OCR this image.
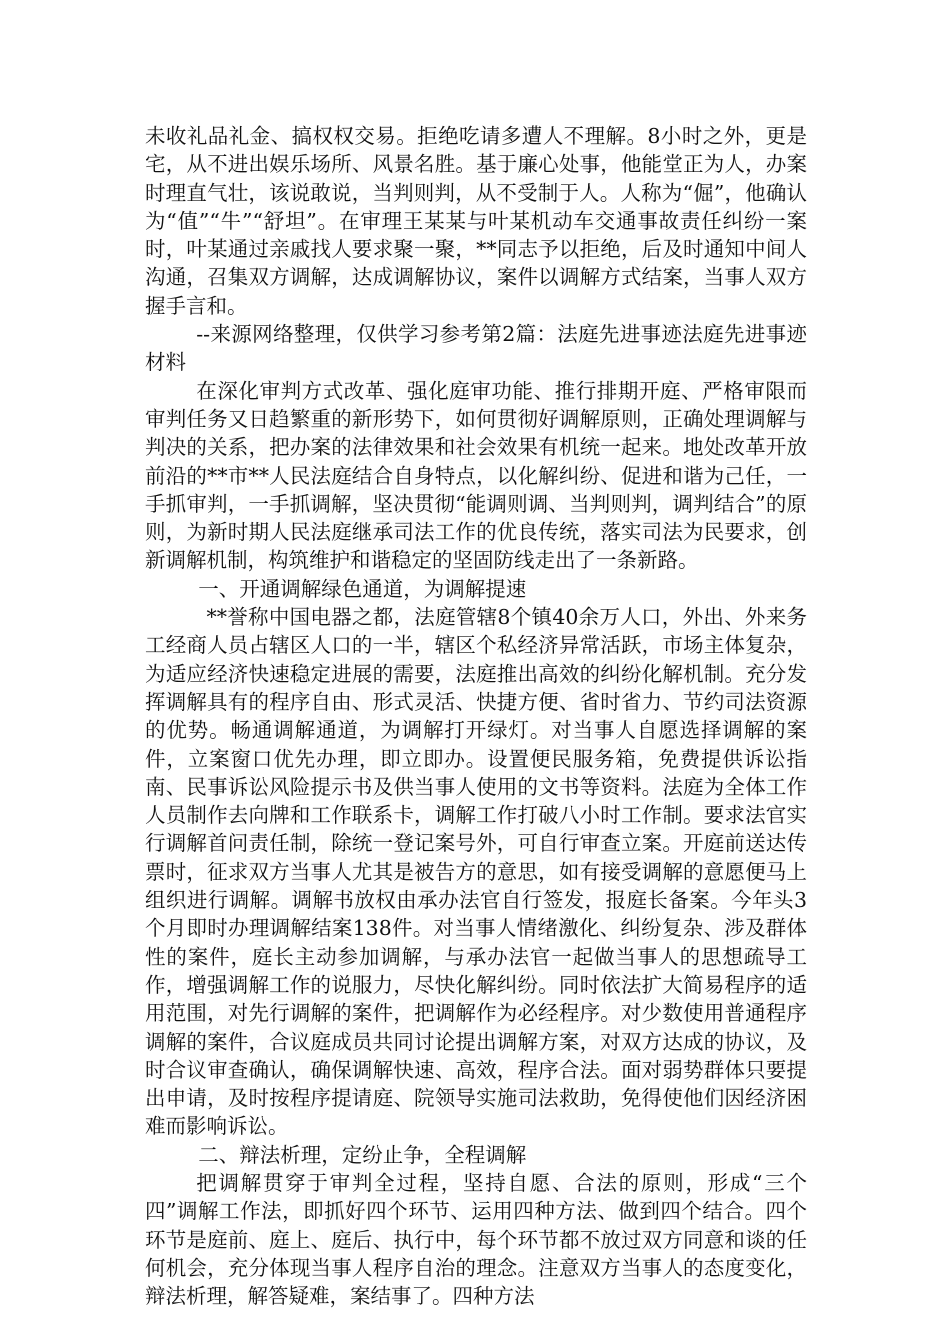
未收礼品礼金、搞权权交易。拒绝吃请多遭人不理解。8小时之外，更是宅，从不进出娱乐场所、风景名胜。基于廉心处事，他能堂正为人，办案时理直气壮，该说敢说，当判则判，从不受制于人。人称为“倔”，他确认为“值”“牛”“舒坦”。在审理王某某与叶某机动车交通事故责任纠纷一案时，叶某通过亲戚找人要求聚一聚，**同志予以拒绝，后及时通知中间人沟通，召集双方调解，达成调解协议，案件以调解方式结案，当事人双方握手言和。

--来源网络整理，仅供学习参考第2篇：法庭先进事迹法庭先进事迹材料

在深化审判方式改革、强化庭审功能、推行排期开庭、严格审限而审判任务又日趋繁重的新形势下，如何贯彻好调解原则，正确处理调解与判决的关系，把办案的法律效果和社会效果有机统一起来。地处改革开放前沿的**市**人民法庭结合自身特点，以化解纠纷、促进和谐为己任，一手抓审判，一手抓调解，坚决贯彻“能调则调、当判则判，调判结合”的原则，为新时期人民法庭继承司法工作的优良传统，落实司法为民要求，创新调解机制，构筑维护和谐稳定的坚固防线走出了一条新路。

一、开通调解绿色通道，为调解提速

**誉称中国电器之都，法庭管辖8个镇40余万人口，外出、外来务工经商人员占辖区人口的一半，辖区个私经济异常活跃，市场主体复杂，为适应经济快速稳定进展的需要，法庭推出高效的纠纷化解机制。充分发挥调解具有的程序自由、形式灵活、快捷方便、省时省力、节约司法资源的优势。畅通调解通道，为调解打开绿灯。对当事人自愿选择调解的案件，立案窗口优先办理，即立即办。设置便民服务箱，免费提供诉讼指南、民事诉讼风险提示书及供当事人使用的文书等资料。法庭为全体工作人员制作去向牌和工作联系卡，调解工作打破八小时工作制。要求法官实行调解首问责任制，除统一登记案号外，可自行审查立案。开庭前送达传票时，征求双方当事人尤其是被告方的意思，如有接受调解的意愿便马上组织进行调解。调解书放权由承办法官自行签发，报庭长备案。今年头3个月即时办理调解结案138件。对当事人情绪激化、纠纷复杂、涉及群体性的案件，庭长主动参加调解，与承办法官一起做当事人的思想疏导工作，增强调解工作的说服力，尽快化解纠纷。同时依法扩大简易程序的适用范围，对先行调解的案件，把调解作为必经程序。对少数使用普通程序调解的案件，合议庭成员共同讨论提出调解方案，对双方达成的协议，及时合议审查确认，确保调解快速、高效，程序合法。面对弱势群体只要提出申请，及时按程序提请庭、院领导实施司法救助，免得使他们因经济困难而影响诉讼。

二、辩法析理，定纷止争，全程调解

把调解贯穿于审判全过程，坚持自愿、合法的原则，形成“三个四”调解工作法，即抓好四个环节、运用四种方法、做到四个结合。四个环节是庭前、庭上、庭后、执行中，每个环节都不放过双方同意和谈的任何机会，充分体现当事人程序自治的理念。注意双方当事人的态度变化，辩法析理，解答疑难，案结事了。四种方法
